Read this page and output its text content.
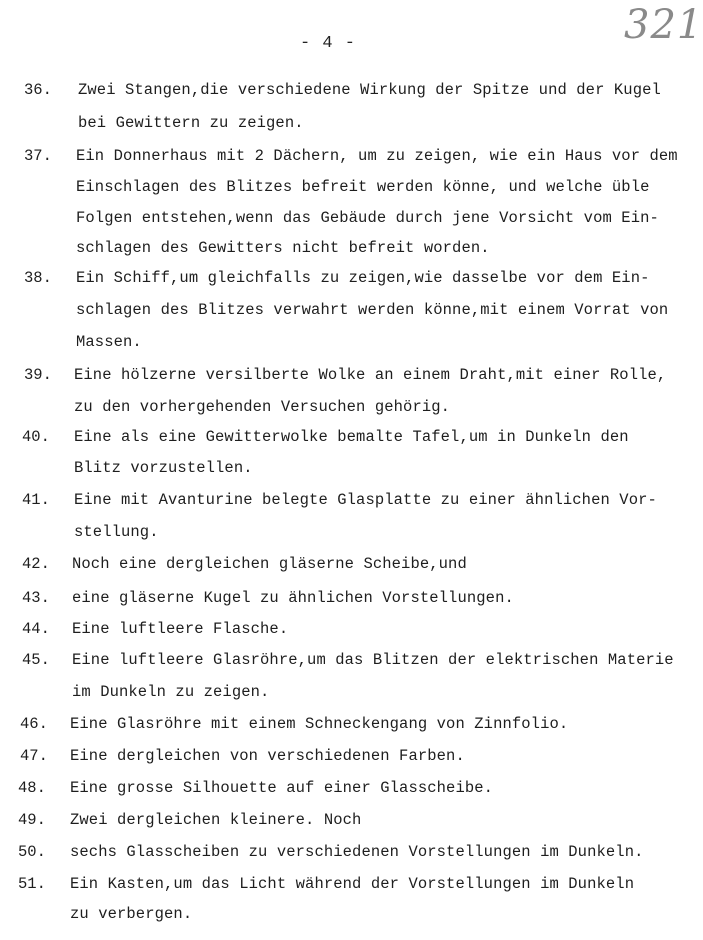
- 4 -	321
36. Zwei Stangen,die verschiedene Wirkung der Spitze und der Kugel
bei Gewittern zu zeigen.
37. Ein Donnerhaus mit 2 Dächern, um zu zeigen, wie ein Haus vor dem
Einschlagen des Blitzes befreit werden könne, und welche üble
Folgen entstehen,wenn das Gebäude durch jene Vorsicht vom Ein-
schlagen des Gewitters nicht befreit worden.
38. Ein Schiff,um gleichfalls zu zeigen,wie dasselbe vor dem Ein-
schlagen des Blitzes verwahrt werden könne,mit einem Vorrat von
Massen.
39. Eine hölzerne versilberte Wolke an einem Draht,mit einer Rolle,
zu den vorhergehenden Versuchen gehörig.
40. Eine als eine Gewitterwolke bemalte Tafel,um in Dunkeln den
Blitz vorzustellen.
41. Eine mit Avanturine belegte Glasplatte zu einer ähnlichen Vor-
stellung.
42. Noch eine dergleichen gläserne Scheibe,und
43. eine gläserne Kugel zu ähnlichen Vorstellungen.
44. Eine luftleere Flasche.
45. Eine luftleere Glasröhre,um das Blitzen der elektrischen Materie
im Dunkeln zu zeigen.
46. Eine Glasröhre mit einem Schneckengang von Zinnfolio.
47. Eine dergleichen von verschiedenen Farben.
48. Eine grosse Silhouette auf einer Glasscheibe.
49. Zwei dergleichen kleinere. Noch
50. sechs Glasscheiben zu verschiedenen Vorstellungen im Dunkeln.
51. Ein Kasten,um das Licht während der Vorstellungen im Dunkeln
zu verbergen.
